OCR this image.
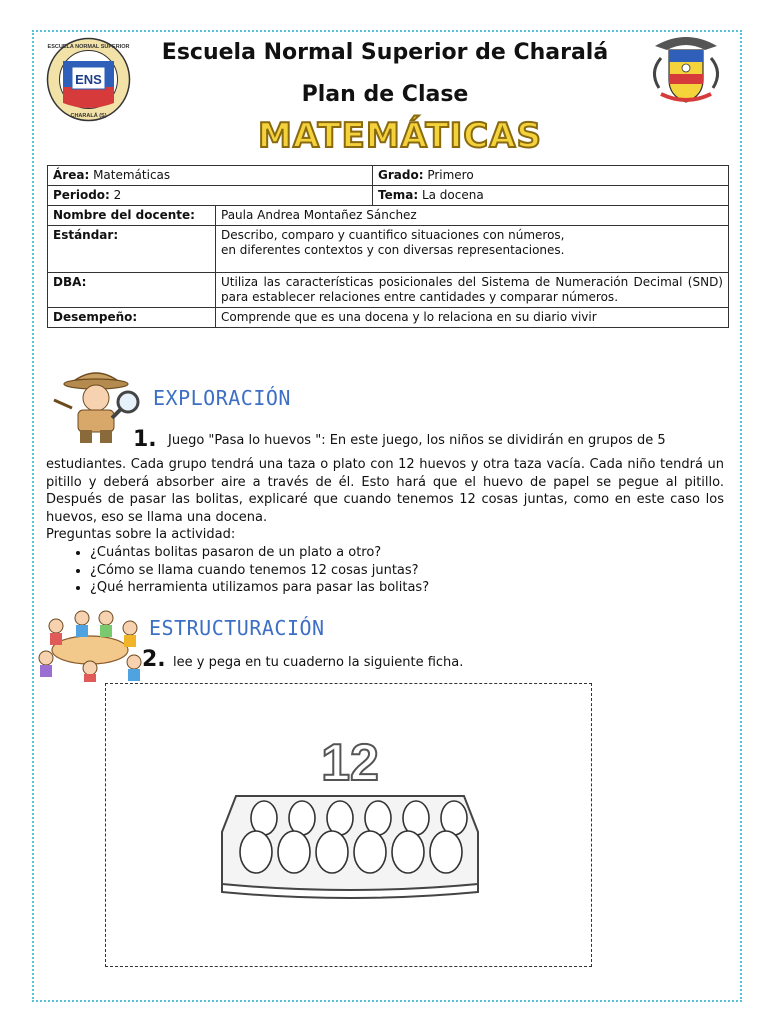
ENS
ESCUELA NORMAL SUPERIOR
CHARALÁ (S)
Escuela Normal Superior de Charalá
Plan de Clase
MATEMÁTICAS
Área: Matemáticas		Grado: Primero
Periodo: 2		Tema: La docena
Nombre del docente:	Paula Andrea Montañez Sánchez	
Estándar:	Describo, comparo y cuantifico situaciones con números,
en diferentes contextos y con diversas representaciones.	

DBA:	Utiliza las características posicionales del Sistema de Numeración Decimal (SND) para establecer relaciones entre cantidades y comparar números.	
Desempeño:	Comprende que es una docena y lo relaciona en su diario vivir	
EXPLORACIÓN
1. Juego "Pasa lo huevos ": En este juego, los niños se dividirán en grupos de 5
estudiantes. Cada grupo tendrá una taza o plato con 12 huevos y otra taza vacía. Cada niño tendrá un pitillo y deberá absorber aire a través de él. Esto hará que el huevo de papel se pegue al pitillo. Después de pasar las bolitas, explicaré que cuando tenemos 12 cosas juntas, como en este caso los huevos, eso se llama una docena.
Preguntas sobre la actividad:
• ¿Cuántas bolitas pasaron de un plato a otro?
• ¿Cómo se llama cuando tenemos 12 cosas juntas?
• ¿Qué herramienta utilizamos para pasar las bolitas?
ESTRUCTURACIÓN
2. lee y pega en tu cuaderno la siguiente ficha.
12
